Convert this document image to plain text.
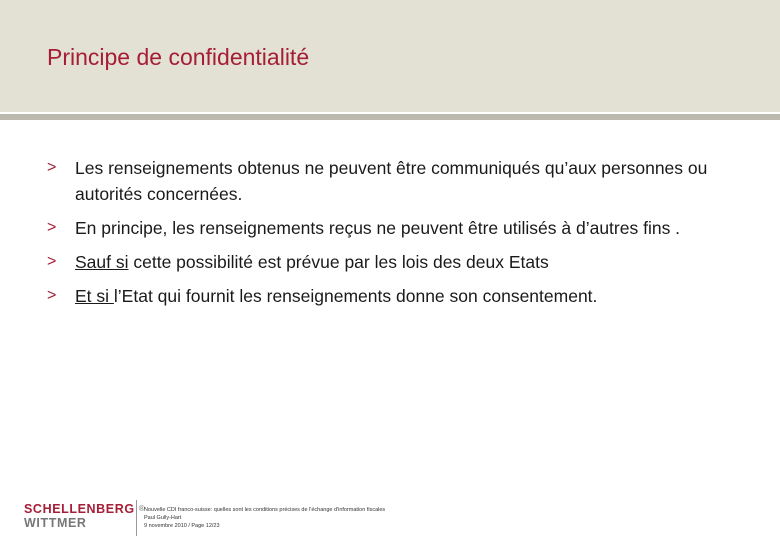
Principe de confidentialité
> Les renseignements obtenus ne peuvent être communiqués qu’aux personnes ou autorités concernées.
> En principe, les renseignements reçus ne peuvent être utilisés à d’autres fins .
> Sauf si cette possibilité est prévue par les lois des deux Etats
> Et si l’Etat qui fournit les renseignements donne son consentement.
SCHELLENBERG ®
WITTMER
Nouvelle CDI franco-suisse: quelles sont les conditions précises de l'échange d'information fiscales
Paul Gully-Hart
9 novembre 2010 / Page 12/23
